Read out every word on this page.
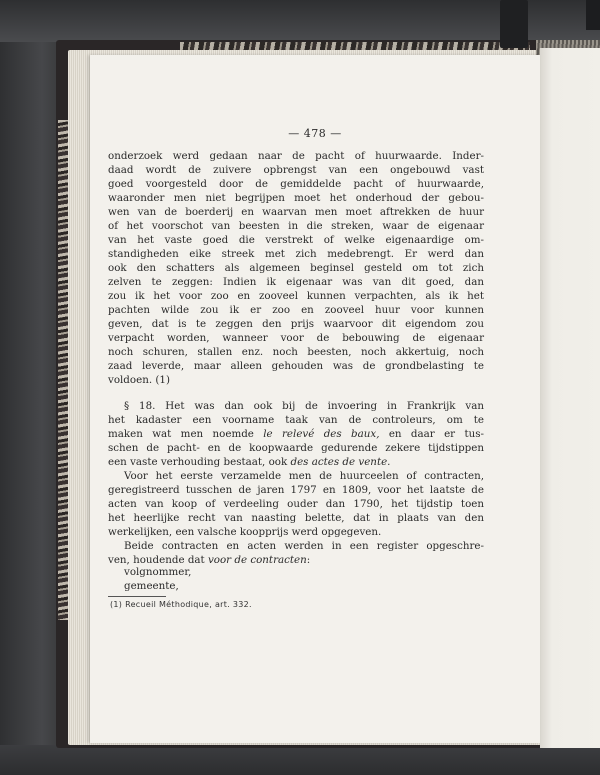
— 478 —
onderzoek werd gedaan naar de pacht of huurwaarde. Inder-
daad wordt de zuivere opbrengst van een ongebouwd vast
goed voorgesteld door de gemiddelde pacht of huurwaarde,
waaronder men niet begrijpen moet het onderhoud der gebou-
wen van de boerderij en waarvan men moet aftrekken de huur
of het voorschot van beesten in die streken, waar de eigenaar
van het vaste goed die verstrekt of welke eigenaardige om-
standigheden eike streek met zich medebrengt. Er werd dan
ook den schatters als algemeen beginsel gesteld om tot zich
zelven te zeggen: Indien ik eigenaar was van dit goed, dan
zou ik het voor zoo en zooveel kunnen verpachten, als ik het
pachten wilde zou ik er zoo en zooveel huur voor kunnen
geven, dat is te zeggen den prijs waarvoor dit eigendom zou
verpacht worden, wanneer voor de bebouwing de eigenaar
noch schuren, stallen enz. noch beesten, noch akkertuig, noch
zaad leverde, maar alleen gehouden was de grondbelasting te
voldoen. (1)
§ 18. Het was dan ook bij de invoering in Frankrijk van
het kadaster een voorname taak van de controleurs, om te
maken wat men noemde le relevé des baux, en daar er tus-
schen de pacht- en de koopwaarde gedurende zekere tijdstippen
een vaste verhouding bestaat, ook des actes de vente.
Voor het eerste verzamelde men de huurceelen of contracten,
geregistreerd tusschen de jaren 1797 en 1809, voor het laatste de
acten van koop of verdeeling ouder dan 1790, het tijdstip toen
het heerlijke recht van naasting belette, dat in plaats van den
werkelijken, een valsche koopprijs werd opgegeven.
Beide contracten en acten werden in een register opgeschre-
ven, houdende dat voor de contracten:
volgnommer,
(1) Recueil Méthodique, art. 332.
gemeente,
